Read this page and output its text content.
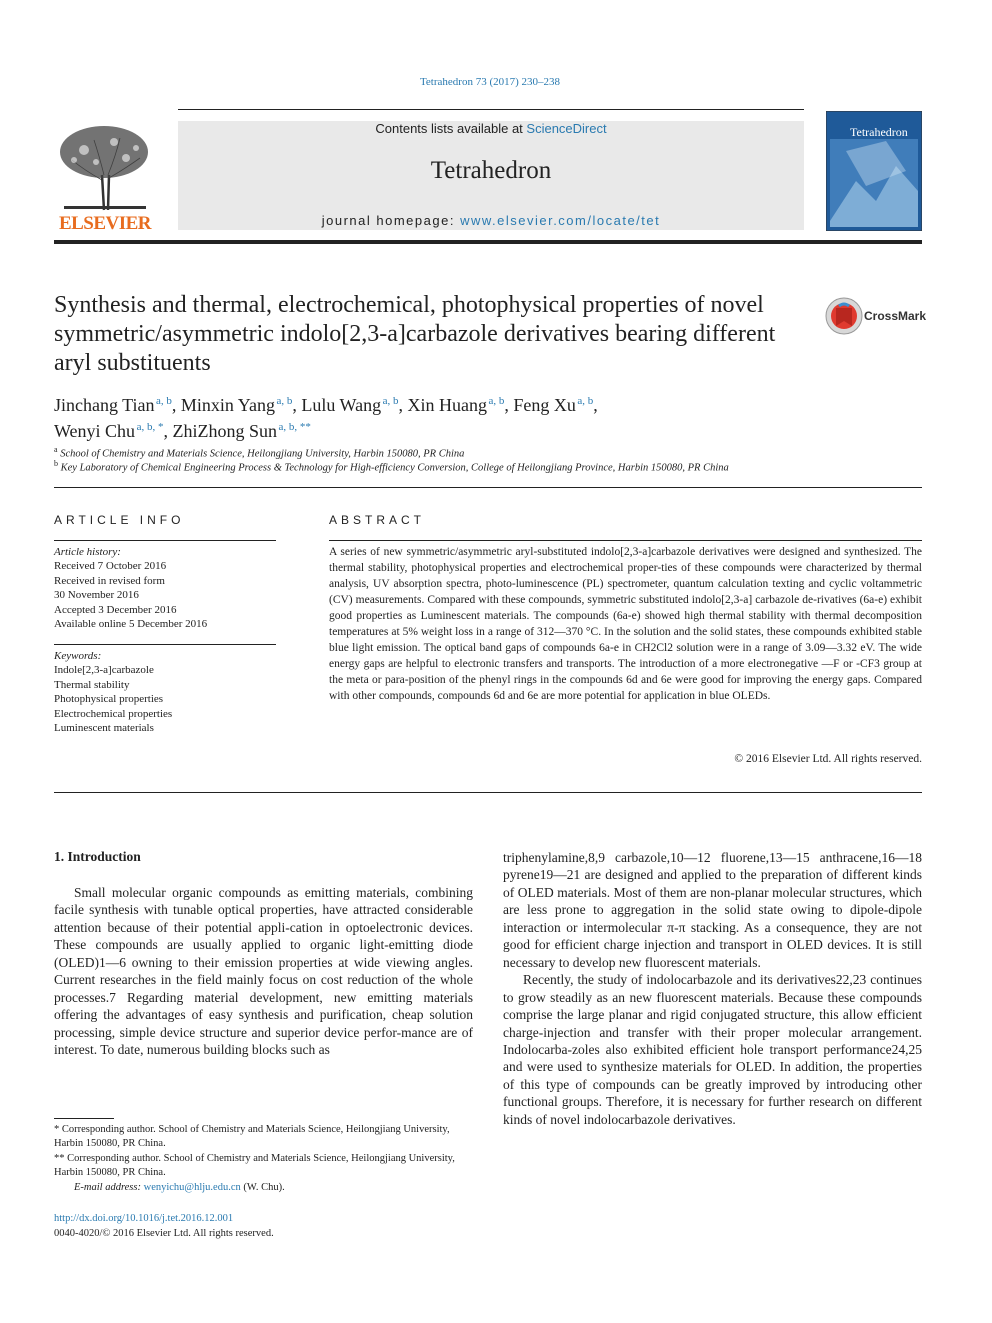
Tetrahedron 73 (2017) 230–238
ELSEVIER
Contents lists available at ScienceDirect
Tetrahedron
journal homepage: www.elsevier.com/locate/tet
Tetrahedron
Synthesis and thermal, electrochemical, photophysical properties of novel symmetric/asymmetric indolo[2,3-a]carbazole derivatives bearing different aryl substituents
CrossMark
Jinchang Tian  $^{a, b}$, Minxin Yang  $^{a, b}$, Lulu Wang  $^{a, b}$, Xin Huang  $^{a, b}$, Feng Xu  $^{a, b}$,
Wenyi Chu  $^{a, b, *}$, ZhiZhong Sun  $^{a, b, **}$
$^a$ School of Chemistry and Materials Science, Heilongjiang University, Harbin 150080, PR China
$^b$ Key Laboratory of Chemical Engineering Process & Technology for High-efficiency Conversion, College of Heilongjiang Province, Harbin 150080, PR China
ARTICLE INFO
Article history:
Received 7 October 2016
Received in revised form
30 November 2016
Accepted 3 December 2016
Available online 5 December 2016
Keywords:
Indole[2,3-a]carbazole
Thermal stability
Photophysical properties
Electrochemical properties
Luminescent materials
ABSTRACT
A series of new symmetric/asymmetric aryl-substituted indolo[2,3-a]carbazole derivatives were designed and synthesized. The thermal stability, photophysical properties and electrochemical proper-ties of these compounds were characterized by thermal analysis, UV absorption spectra, photo-luminescence (PL) spectrometer, quantum calculation texting and cyclic voltammetric (CV) measurements. Compared with these compounds, symmetric substituted indolo[2,3-a] carbazole de-rivatives (6a-e) exhibit good properties as Luminescent materials. The compounds (6a-e) showed high thermal stability with thermal decomposition temperatures at 5% weight loss in a range of 312—370 °C. In the solution and the solid states, these compounds exhibited stable blue light emission. The optical band gaps of compounds 6a-e in CH2Cl2 solution were in a range of 3.09—3.32 eV. The wide energy gaps are helpful to electronic transfers and transports. The introduction of a more electronegative —F or -CF3 group at the meta or para-position of the phenyl rings in the compounds 6d and 6e were good for improving the energy gaps. Compared with other compounds, compounds 6d and 6e are more potential for application in blue OLEDs.
© 2016 Elsevier Ltd. All rights reserved.
1. Introduction
Small molecular organic compounds as emitting materials, combining facile synthesis with tunable optical properties, have attracted considerable attention because of their potential appli-cation in optoelectronic devices. These compounds are usually applied to organic light-emitting diode (OLED)1—6 owning to their emission properties at wide viewing angles. Current researches in the field mainly focus on cost reduction of the whole processes.7 Regarding material development, new emitting materials offering the advantages of easy synthesis and purification, cheap solution processing, simple device structure and superior device perfor-mance are of interest. To date, numerous building blocks such as

triphenylamine,8,9 carbazole,10—12 fluorene,13—15 anthracene,16—18 pyrene19—21 are designed and applied to the preparation of different kinds of OLED materials. Most of them are non-planar molecular structures, which are less prone to aggregation in the solid state owing to dipole-dipole interaction or intermolecular π-π stacking. As a consequence, they are not good for efficient charge injection and transport in OLED devices. It is still necessary to develop new fluorescent materials.

Recently, the study of indolocarbazole and its derivatives22,23 continues to grow steadily as an new fluorescent materials. Because these compounds comprise the large planar and rigid conjugated structure, this allow efficient charge-injection and transfer with their proper molecular arrangement. Indolocarba-zoles also exhibited efficient hole transport performance24,25 and were used to synthesize materials for OLED. In addition, the properties of this type of compounds can be greatly improved by introducing other functional groups. Therefore, it is necessary for further research on different kinds of novel indolocarbazole derivatives.

* Corresponding author. School of Chemistry and Materials Science, Heilongjiang University, Harbin 150080, PR China.
** Corresponding author. School of Chemistry and Materials Science, Heilongjiang University, Harbin 150080, PR China.
E-mail address: wenyichu@hlju.edu.cn (W. Chu).
http://dx.doi.org/10.1016/j.tet.2016.12.001
0040-4020/© 2016 Elsevier Ltd. All rights reserved.
